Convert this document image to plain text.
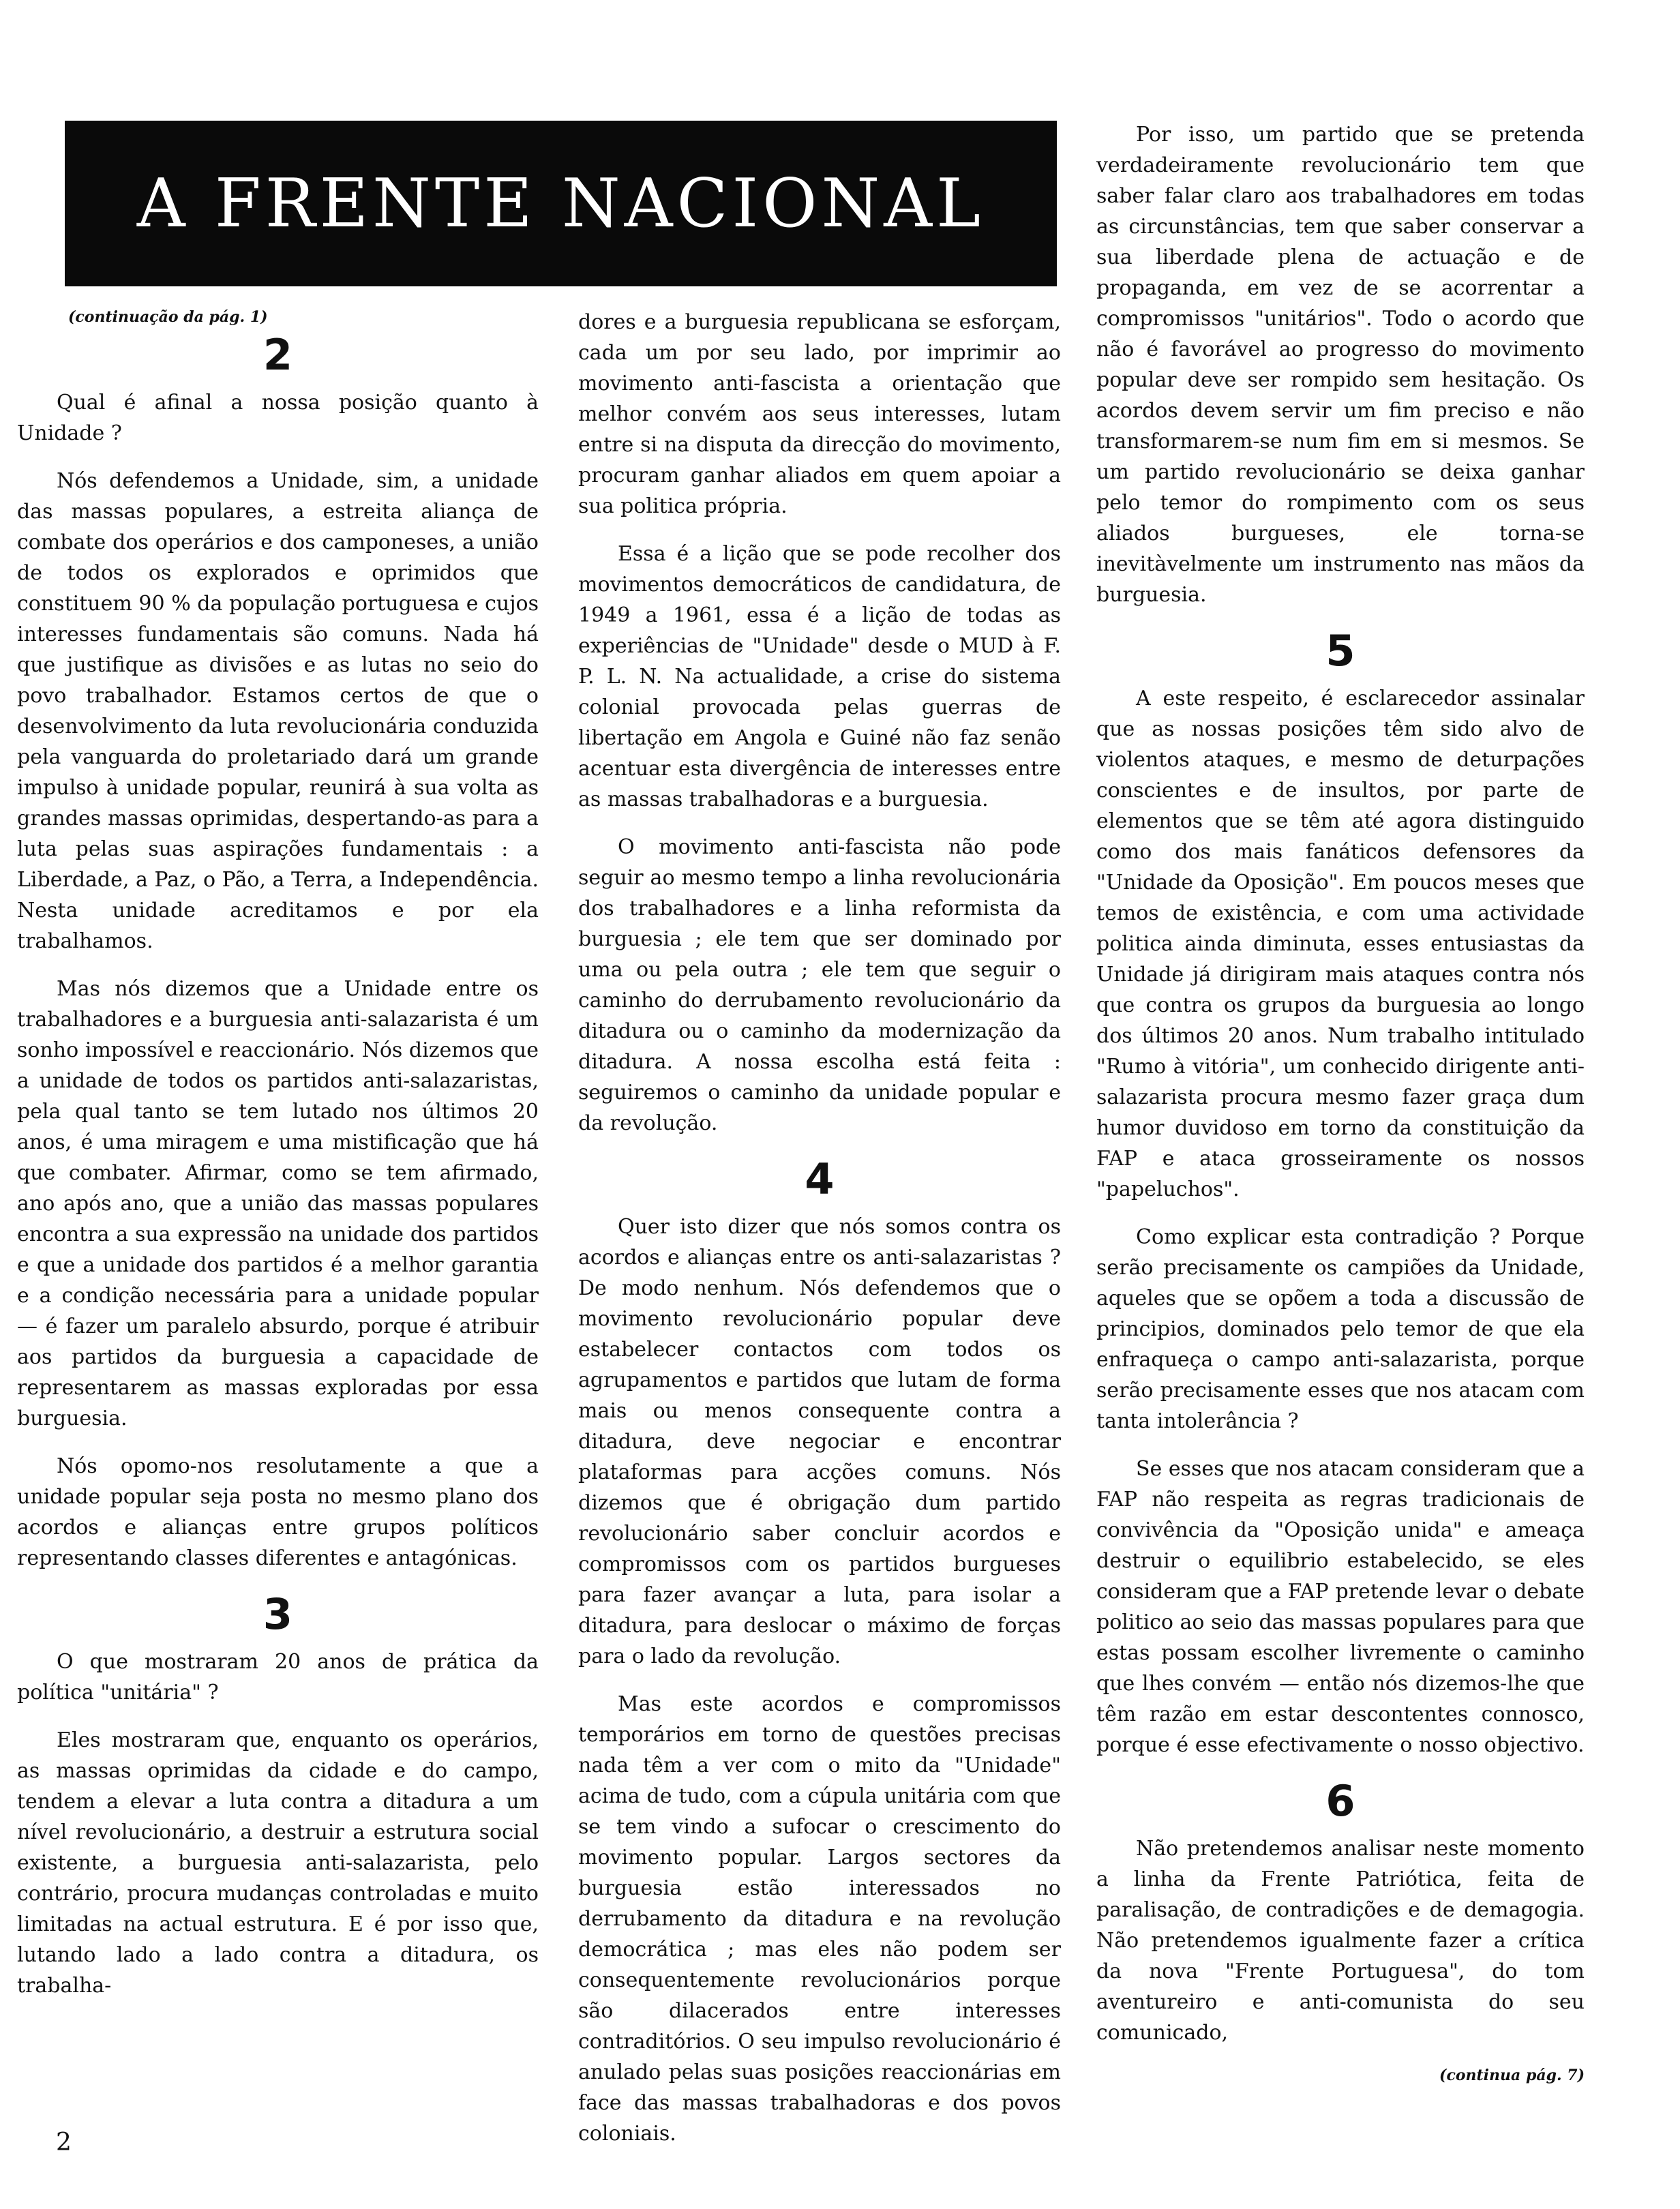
A FRENTE NACIONAL

(continuação da pág. 1)

2

Qual é afinal a nossa posição quanto à Unidade ?

Nós defendemos a Unidade, sim, a unidade das massas populares, a estreita aliança de combate dos operários e dos camponeses, a união de todos os explorados e oprimidos que constituem 90 % da população portuguesa e cujos interesses fundamentais são comuns. Nada há que justifique as divisões e as lutas no seio do povo trabalhador. Estamos certos de que o desenvolvimento da luta revolucionária conduzida pela vanguarda do proletariado dará um grande impulso à unidade popular, reunirá à sua volta as grandes massas oprimidas, despertando-as para a luta pelas suas aspirações fundamentais : a Liberdade, a Paz, o Pão, a Terra, a Independência. Nesta unidade acreditamos e por ela trabalhamos.

Mas nós dizemos que a Unidade entre os trabalhadores e a burguesia anti-salazarista é um sonho impossível e reaccionário. Nós dizemos que a unidade de todos os partidos anti-salazaristas, pela qual tanto se tem lutado nos últimos 20 anos, é uma miragem e uma mistificação que há que combater. Afirmar, como se tem afirmado, ano após ano, que a união das massas populares encontra a sua expressão na unidade dos partidos e que a unidade dos partidos é a melhor garantia e a condição necessária para a unidade popular — é fazer um paralelo absurdo, porque é atribuir aos partidos da burguesia a capacidade de representarem as massas exploradas por essa burguesia.

Nós opomo-nos resolutamente a que a unidade popular seja posta no mesmo plano dos acordos e alianças entre grupos políticos representando classes diferentes e antagónicas.

3

O que mostraram 20 anos de prática da política "unitária" ?

Eles mostraram que, enquanto os operários, as massas oprimidas da cidade e do campo, tendem a elevar a luta contra a ditadura a um nível revolucionário, a destruir a estrutura social existente, a burguesia anti-salazarista, pelo contrário, procura mudanças controladas e muito limitadas na actual estrutura. E é por isso que, lutando lado a lado contra a ditadura, os trabalha-

dores e a burguesia republicana se esforçam, cada um por seu lado, por imprimir ao movimento anti-fascista a orientação que melhor convém aos seus interesses, lutam entre si na disputa da direcção do movimento, procuram ganhar aliados em quem apoiar a sua politica própria.

Essa é a lição que se pode recolher dos movimentos democráticos de candidatura, de 1949 a 1961, essa é a lição de todas as experiências de "Unidade" desde o MUD à F. P. L. N. Na actualidade, a crise do sistema colonial provocada pelas guerras de libertação em Angola e Guiné não faz senão acentuar esta divergência de interesses entre as massas trabalhadoras e a burguesia.

O movimento anti-fascista não pode seguir ao mesmo tempo a linha revolucionária dos trabalhadores e a linha reformista da burguesia ; ele tem que ser dominado por uma ou pela outra ; ele tem que seguir o caminho do derrubamento revolucionário da ditadura ou o caminho da modernização da ditadura. A nossa escolha está feita : seguiremos o caminho da unidade popular e da revolução.

4

Quer isto dizer que nós somos contra os acordos e alianças entre os anti-salazaristas ? De modo nenhum. Nós defendemos que o movimento revolucionário popular deve estabelecer contactos com todos os agrupamentos e partidos que lutam de forma mais ou menos consequente contra a ditadura, deve negociar e encontrar plataformas para acções comuns. Nós dizemos que é obrigação dum partido revolucionário saber concluir acordos e compromissos com os partidos burgueses para fazer avançar a luta, para isolar a ditadura, para deslocar o máximo de forças para o lado da revolução.

Mas este acordos e compromissos temporários em torno de questões precisas nada têm a ver com o mito da "Unidade" acima de tudo, com a cúpula unitária com que se tem vindo a sufocar o crescimento do movimento popular. Largos sectores da burguesia estão interessados no derrubamento da ditadura e na revolução democrática ; mas eles não podem ser consequentemente revolucionários porque são dilacerados entre interesses contraditórios. O seu impulso revolucionário é anulado pelas suas posições reaccionárias em face das massas trabalhadoras e dos povos coloniais.

Por isso, um partido que se pretenda verdadeiramente revolucionário tem que saber falar claro aos trabalhadores em todas as circunstâncias, tem que saber conservar a sua liberdade plena de actuação e de propaganda, em vez de se acorrentar a compromissos "unitários". Todo o acordo que não é favorável ao progresso do movimento popular deve ser rompido sem hesitação. Os acordos devem servir um fim preciso e não transformarem-se num fim em si mesmos. Se um partido revolucionário se deixa ganhar pelo temor do rompimento com os seus aliados burgueses, ele torna-se inevitàvelmente um instrumento nas mãos da burguesia.

5

A este respeito, é esclarecedor assinalar que as nossas posições têm sido alvo de violentos ataques, e mesmo de deturpações conscientes e de insultos, por parte de elementos que se têm até agora distinguido como dos mais fanáticos defensores da "Unidade da Oposição". Em poucos meses que temos de existência, e com uma actividade politica ainda diminuta, esses entusiastas da Unidade já dirigiram mais ataques contra nós que contra os grupos da burguesia ao longo dos últimos 20 anos. Num trabalho intitulado "Rumo à vitória", um conhecido dirigente anti-salazarista procura mesmo fazer graça dum humor duvidoso em torno da constituição da FAP e ataca grosseiramente os nossos "papeluchos".

Como explicar esta contradição ? Porque serão precisamente os campiões da Unidade, aqueles que se opõem a toda a discussão de principios, dominados pelo temor de que ela enfraqueça o campo anti-salazarista, porque serão precisamente esses que nos atacam com tanta intolerância ?

Se esses que nos atacam consideram que a FAP não respeita as regras tradicionais de convivência da "Oposição unida" e ameaça destruir o equilibrio estabelecido, se eles consideram que a FAP pretende levar o debate politico ao seio das massas populares para que estas possam escolher livremente o caminho que lhes convém — então nós dizemos-lhe que têm razão em estar descontentes connosco, porque é esse efectivamente o nosso objectivo.

6

Não pretendemos analisar neste momento a linha da Frente Patriótica, feita de paralisação, de contradições e de demagogia. Não pretendemos igualmente fazer a crítica da nova "Frente Portuguesa", do tom aventureiro e anti-comunista do seu comunicado,

(continua pág. 7)

2
